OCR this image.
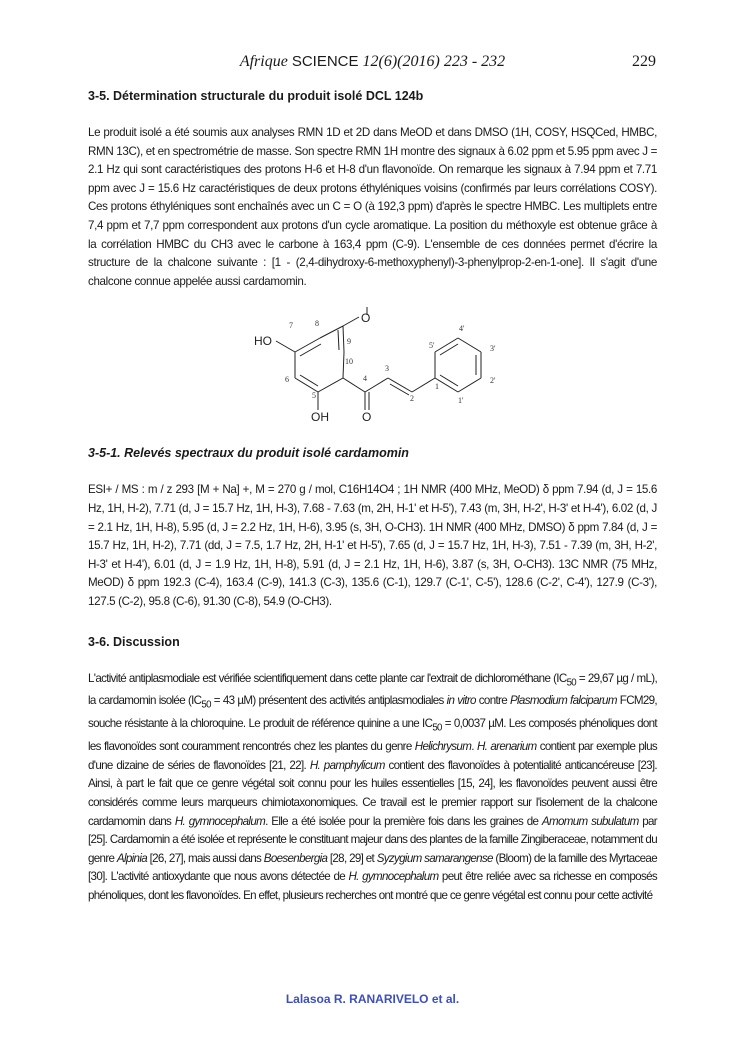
Afrique SCIENCE 12(6)(2016) 223 - 232	229
3-5. Détermination structurale du produit isolé DCL 124b

Le produit isolé a été soumis aux analyses RMN 1D et 2D dans MeOD et dans DMSO (1H, COSY, HSQCed, HMBC, RMN 13C), et en spectrométrie de masse. Son spectre RMN 1H montre des signaux à 6.02 ppm et 5.95 ppm avec J = 2.1 Hz qui sont caractéristiques des protons H-6 et H-8 d'un flavonoïde. On remarque les signaux à 7.94 ppm et 7.71 ppm avec J = 15.6 Hz caractéristiques de deux protons éthyléniques voisins (confirmés par leurs corrélations COSY). Ces protons éthyléniques sont enchaînés avec un C = O (à 192,3 ppm) d'après le spectre HMBC. Les multiplets entre 7,4 ppm et 7,7 ppm correspondent aux protons d'un cycle aromatique. La position du méthoxyle est obtenue grâce à la corrélation HMBC du CH3 avec le carbone à 163,4 ppm (C-9). L'ensemble de ces données permet d'écrire la structure de la chalcone suivante : [1 - (2,4-dihydroxy-6-methoxyphenyl)-3-phenylprop-2-en-1-one]. Il s'agit d'une chalcone connue appelée aussi cardamomin.

HO
OH
O
O
7	8
9
10
6
5
4
3
2
1
1'
2'
3'
4'
5'
3-5-1. Relevés spectraux du produit isolé cardamomin

ESI+ / MS : m / z 293 [M + Na] +, M = 270 g / mol, C16H14O4 ; 1H NMR (400 MHz, MeOD) δ ppm 7.94 (d, J = 15.6 Hz, 1H, H-2), 7.71 (d, J = 15.7 Hz, 1H, H-3), 7.68 - 7.63 (m, 2H, H-1' et H-5'), 7.43 (m, 3H, H-2', H-3' et H-4'), 6.02 (d, J = 2.1 Hz, 1H, H-8), 5.95 (d, J = 2.2 Hz, 1H, H-6), 3.95 (s, 3H, O-CH3). 1H NMR (400 MHz, DMSO) δ ppm 7.84 (d, J = 15.7 Hz, 1H, H-2), 7.71 (dd, J = 7.5, 1.7 Hz, 2H, H-1' et H-5'), 7.65 (d, J = 15.7 Hz, 1H, H-3), 7.51 - 7.39 (m, 3H, H-2', H-3' et H-4'), 6.01 (d, J = 1.9 Hz, 1H, H-8), 5.91 (d, J = 2.1 Hz, 1H, H-6), 3.87 (s, 3H, O-CH3). 13C NMR (75 MHz, MeOD) δ ppm 192.3 (C-4), 163.4 (C-9), 141.3 (C-3), 135.6 (C-1), 129.7 (C-1', C-5'), 128.6 (C-2', C-4'), 127.9 (C-3'), 127.5 (C-2), 95.8 (C-6), 91.30 (C-8), 54.9 (O-CH3).

3-6. Discussion

L'activité antiplasmodiale est vérifiée scientifiquement dans cette plante car l'extrait de dichlorométhane ($IC_{50} = 29,67$ µg / mL), la cardamomin isolée ($IC_{50} = 43$ µM) présentent des activités antiplasmodiales in vitro contre Plasmodium falciparum FCM29, souche résistante à la chloroquine. Le produit de référence quinine a une $IC_{50} = 0,0037$ µM. Les composés phénoliques dont les flavonoïdes sont couramment rencontrés chez les plantes du genre Helichrysum. H. arenarium contient par exemple plus d'une dizaine de séries de flavonoïdes [21, 22]. H. pamphylicum contient des flavonoïdes à potentialité anticancéreuse [23]. Ainsi, à part le fait que ce genre végétal soit connu pour les huiles essentielles [15, 24], les flavonoïdes peuvent aussi être considérés comme leurs marqueurs chimiotaxonomiques. Ce travail est le premier rapport sur l'isolement de la chalcone cardamomin dans H. gymnocephalum. Elle a été isolée pour la première fois dans les graines de Amomum subulatum par [25]. Cardamomin a été isolée et représente le constituant majeur dans des plantes de la famille Zingiberaceae, notamment du genre Alpinia [26, 27], mais aussi dans Boesenbergia [28, 29] et Syzygium samarangense (Bloom) de la famille des Myrtaceae [30]. L'activité antioxydante que nous avons détectée de H. gymnocephalum peut être reliée avec sa richesse en composés phénoliques, dont les flavonoïdes. En effet, plusieurs recherches ont montré que ce genre végétal est connu pour cette activité

Lalasoa R. RANARIVELO et al.
